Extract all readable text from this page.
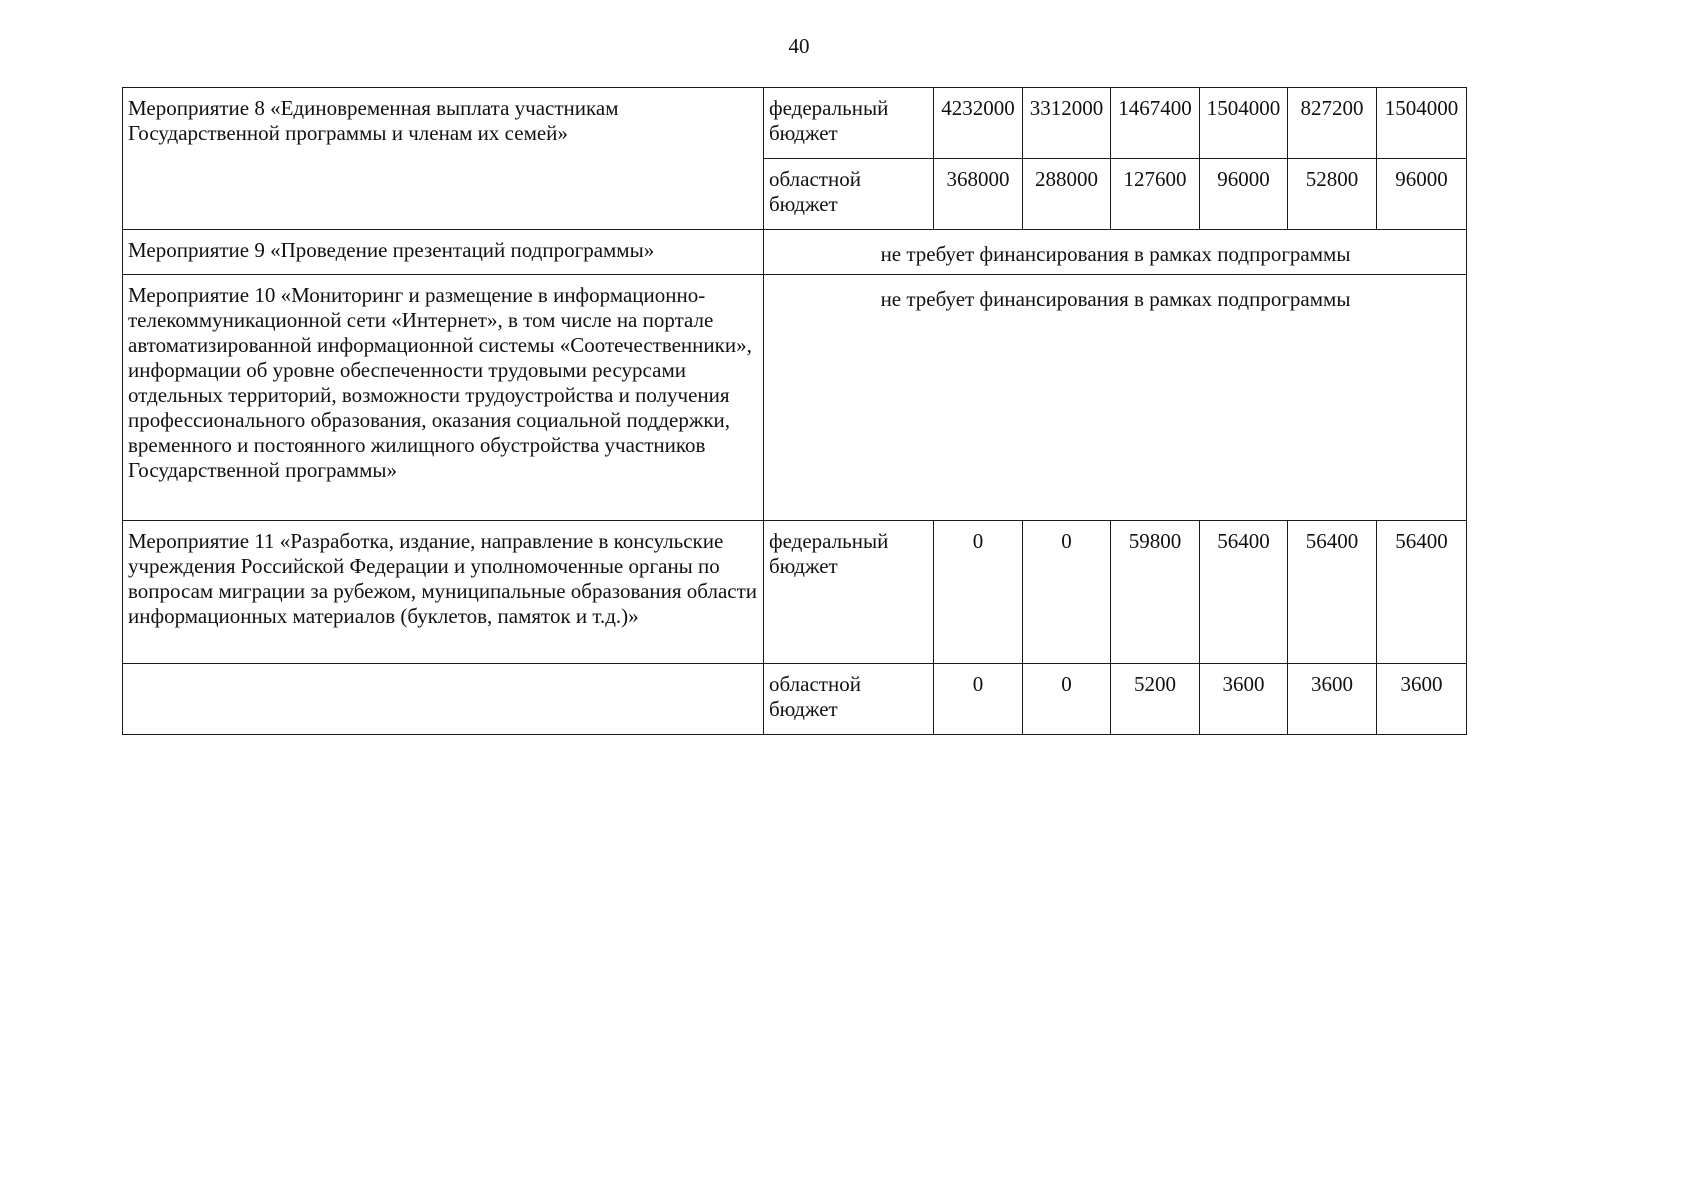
40
Мероприятие 8 «Единовременная выплата участникам Государственной программы и членам их семей»	федеральный бюджет	4232000	3312000	1467400	1504000	827200	1504000
	областной бюджет	368000	288000	127600	96000	52800	96000
Мероприятие 9 «Проведение презентаций подпрограммы»	не требует финансирования в рамках подпрограммы						
Мероприятие 10 «Мониторинг и размещение в информационно-телекоммуникационной сети «Интернет», в том числе на портале автоматизированной информационной системы «Соотечественники», информации об уровне обеспеченности трудовыми ресурсами отдельных территорий, возможности трудоустройства и получения профессионального образования, оказания социальной поддержки, временного и постоянного жилищного обустройства участников Государственной программы»	не требует финансирования в рамках подпрограммы						
Мероприятие 11 «Разработка, издание, направление в консульские учреждения Российской Федерации и уполномоченные органы по вопросам миграции за рубежом, муниципальные образования области информационных материалов (буклетов, памяток и т.д.)»	федеральный бюджет	0	0	59800	56400	56400	56400
	областной бюджет	0	0	5200	3600	3600	3600
